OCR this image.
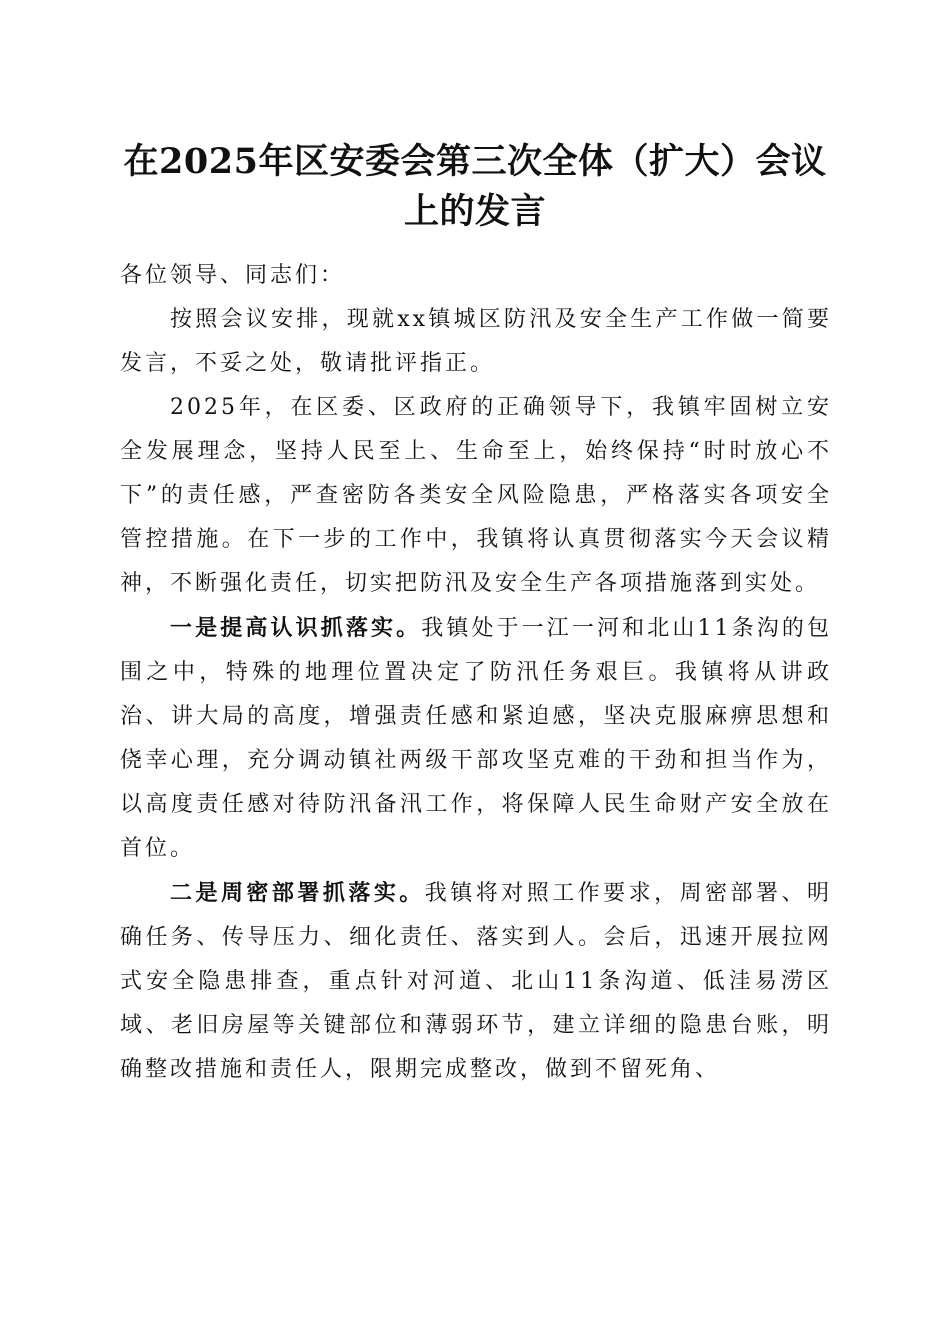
在2025年区安委会第三次全体（扩大）会议
上的发言

各位领导、同志们：

按照会议安排，现就xx镇城区防汛及安全生产工作做一简要发言，不妥之处，敬请批评指正。

2025年，在区委、区政府的正确领导下，我镇牢固树立安全发展理念，坚持人民至上、生命至上，始终保持“时时放心不下”的责任感，严查密防各类安全风险隐患，严格落实各项安全管控措施。在下一步的工作中，我镇将认真贯彻落实今天会议精神，不断强化责任，切实把防汛及安全生产各项措施落到实处。

一是提高认识抓落实。我镇处于一江一河和北山11条沟的包围之中，特殊的地理位置决定了防汛任务艰巨。我镇将从讲政治、讲大局的高度，增强责任感和紧迫感，坚决克服麻痹思想和侥幸心理，充分调动镇社两级干部攻坚克难的干劲和担当作为，以高度责任感对待防汛备汛工作，将保障人民生命财产安全放在首位。

二是周密部署抓落实。我镇将对照工作要求，周密部署、明确任务、传导压力、细化责任、落实到人。会后，迅速开展拉网式安全隐患排查，重点针对河道、北山11条沟道、低洼易涝区域、老旧房屋等关键部位和薄弱环节，建立详细的隐患台账，明确整改措施和责任人，限期完成整改，做到不留死角、
